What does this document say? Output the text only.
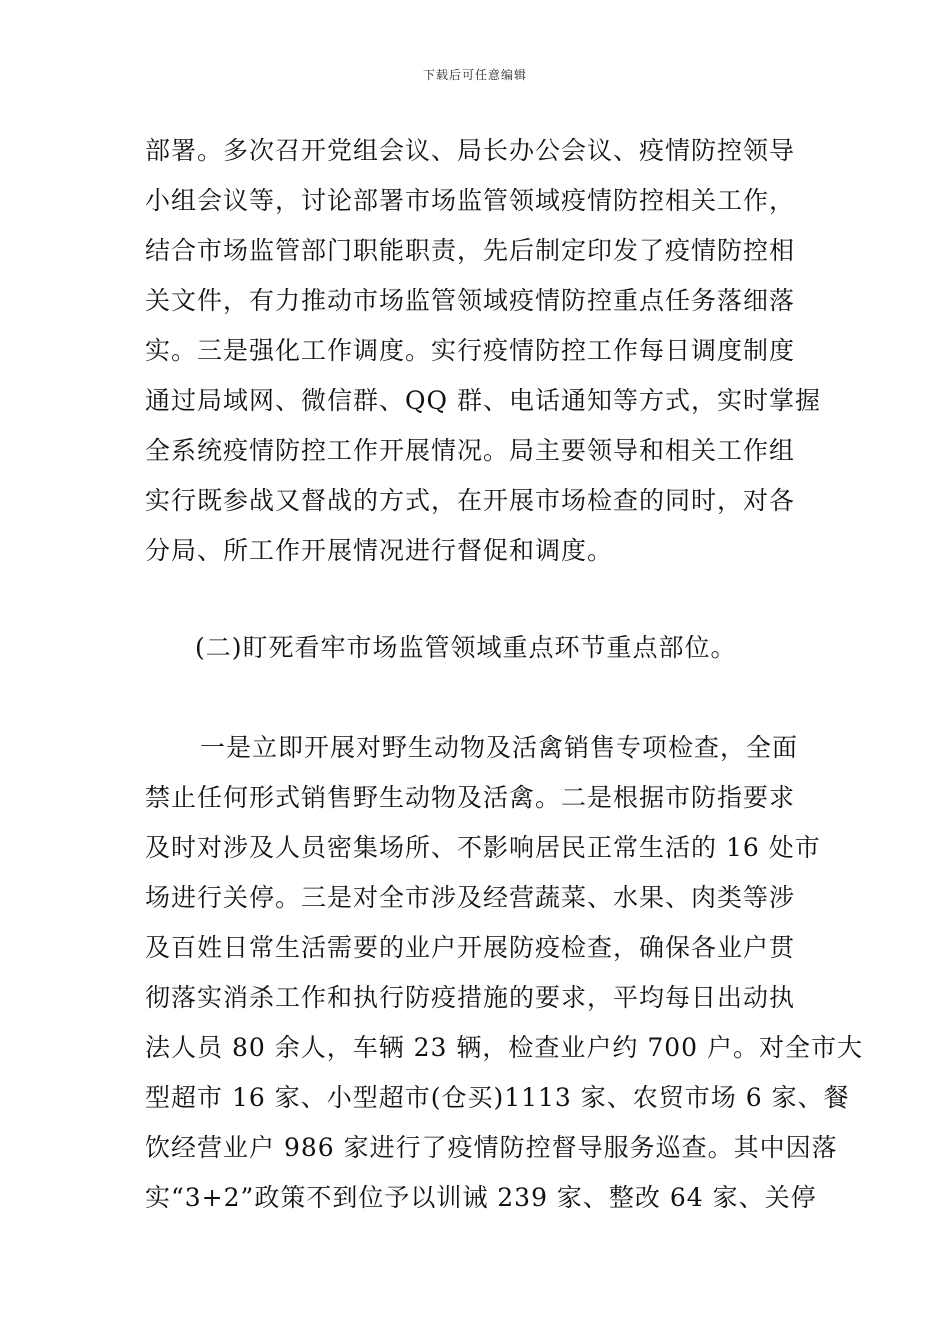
下载后可任意编辑
部署。多次召开党组会议、局长办公会议、疫情防控领导
小组会议等，讨论部署市场监管领域疫情防控相关工作，
结合市场监管部门职能职责，先后制定印发了疫情防控相
关文件，有力推动市场监管领域疫情防控重点任务落细落
实。三是强化工作调度。实行疫情防控工作每日调度制度
通过局域网、微信群、QQ 群、电话通知等方式，实时掌握
全系统疫情防控工作开展情况。局主要领导和相关工作组
实行既参战又督战的方式，在开展市场检查的同时，对各
分局、所工作开展情况进行督促和调度。
(二)盯死看牢市场监管领域重点环节重点部位。
一是立即开展对野生动物及活禽销售专项检查，全面
禁止任何形式销售野生动物及活禽。二是根据市防指要求
及时对涉及人员密集场所、不影响居民正常生活的 16 处市
场进行关停。三是对全市涉及经营蔬菜、水果、肉类等涉
及百姓日常生活需要的业户开展防疫检查，确保各业户贯
彻落实消杀工作和执行防疫措施的要求，平均每日出动执
法人员 80 余人，车辆 23 辆，检查业户约 700 户。对全市大
型超市 16 家、小型超市(仓买)1113 家、农贸市场 6 家、餐
饮经营业户 986 家进行了疫情防控督导服务巡查。其中因落
实“3+2”政策不到位予以训诫 239 家、整改 64 家、关停
